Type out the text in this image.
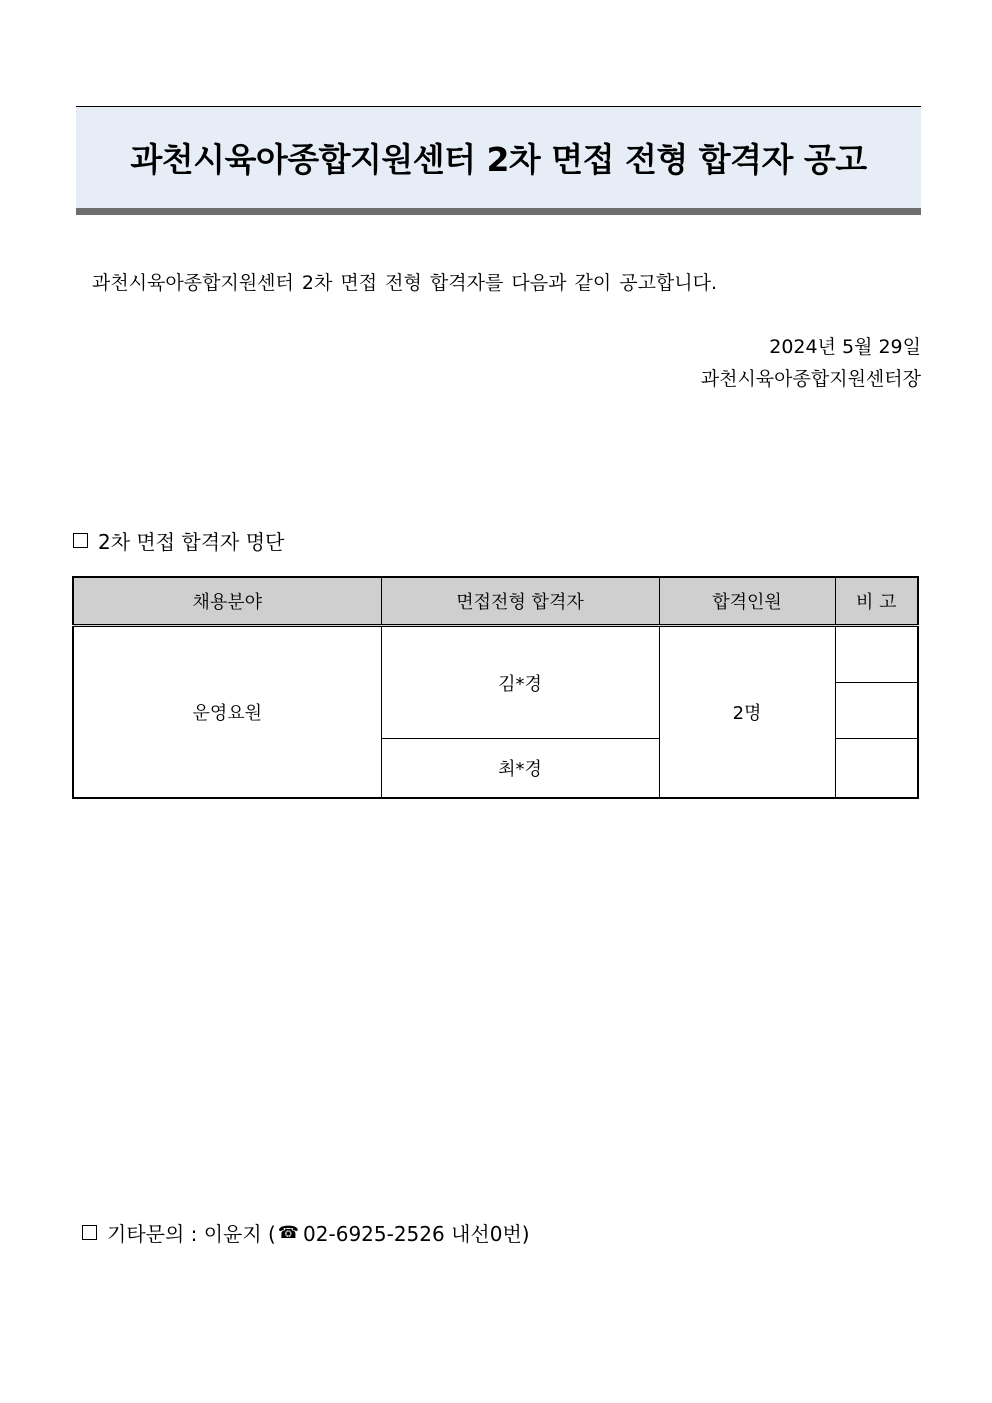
과천시육아종합지원센터 2차 면접 전형 합격자 공고
과천시육아종합지원센터 2차 면접 전형 합격자를 다음과 같이 공고합니다.
2024년 5월 29일
과천시육아종합지원센터장
2차 면접 합격자 명단
채용분야	면접전형 합격자	합격인원	비 고
운영요원	김*경	2명	

	최*경		
기타문의 : 이윤지 ( ☎ 02-6925-2526 내선0번)
